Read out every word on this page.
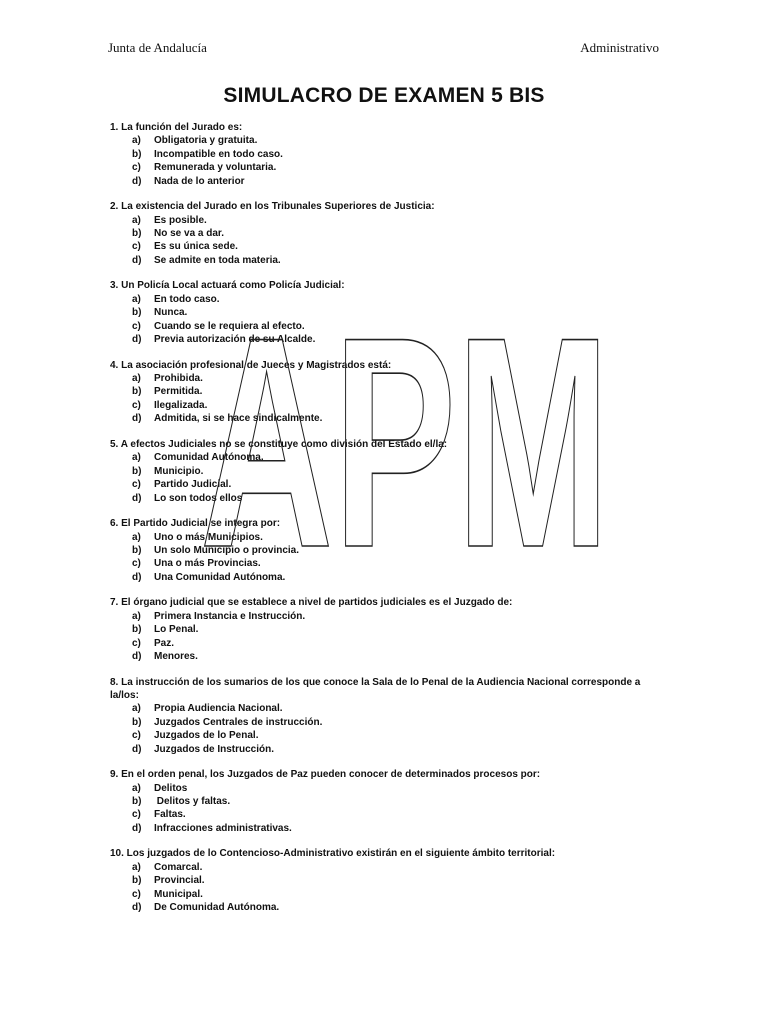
Junta de Andalucía	Administrativo
SIMULACRO DE EXAMEN 5 BIS
1. La función del Jurado es:
a)	Obligatoria y gratuita.
b)	Incompatible en todo caso.
c)	Remunerada y voluntaria.
d)	Nada de lo anterior
2. La existencia del Jurado en los Tribunales Superiores de Justicia:
a)	Es posible.
b)	No se va a dar.
c)	Es su única sede.
d)	Se admite en toda materia.
3. Un Policía Local actuará como Policía Judicial:
a)	En todo caso.
b)	Nunca.
c)	Cuando se le requiera al efecto.
d)	Previa autorización de su Alcalde.
4. La asociación profesional de Jueces y Magistrados está:
a)	Prohibida.
b)	Permitida.
c)	Ilegalizada.
d)	Admitida, si se hace sindicalmente.
5. A efectos Judiciales no se constituye como división del Estado el/la:
a)	Comunidad Autónoma.
b)	Municipio.
c)	Partido Judicial.
d)	Lo son todos ellos
6. El Partido Judicial se integra por:
a)	Uno o más Municipios.
b)	Un solo Municipio o provincia.
c)	Una o más Provincias.
d)	Una Comunidad Autónoma.
7. El órgano judicial que se establece a nivel de partidos judiciales es el Juzgado de:
a)	Primera Instancia e Instrucción.
b)	Lo Penal.
c)	Paz.
d)	Menores.
8. La instrucción de los sumarios de los que conoce la Sala de lo Penal de la Audiencia Nacional corresponde a la/los:
a)	Propia Audiencia Nacional.
b)	Juzgados Centrales de instrucción.
c)	Juzgados de lo Penal.
d)	Juzgados de Instrucción.
9. En el orden penal, los Juzgados de Paz pueden conocer de determinados procesos por:
a)	Delitos
b)	Delitos y faltas.
c)	Faltas.
d)	Infracciones administrativas.
10. Los juzgados de lo Contencioso-Administrativo existirán en el siguiente ámbito territorial:
a)	Comarcal.
b)	Provincial.
c)	Municipal.
d)	De Comunidad Autónoma.
APM
